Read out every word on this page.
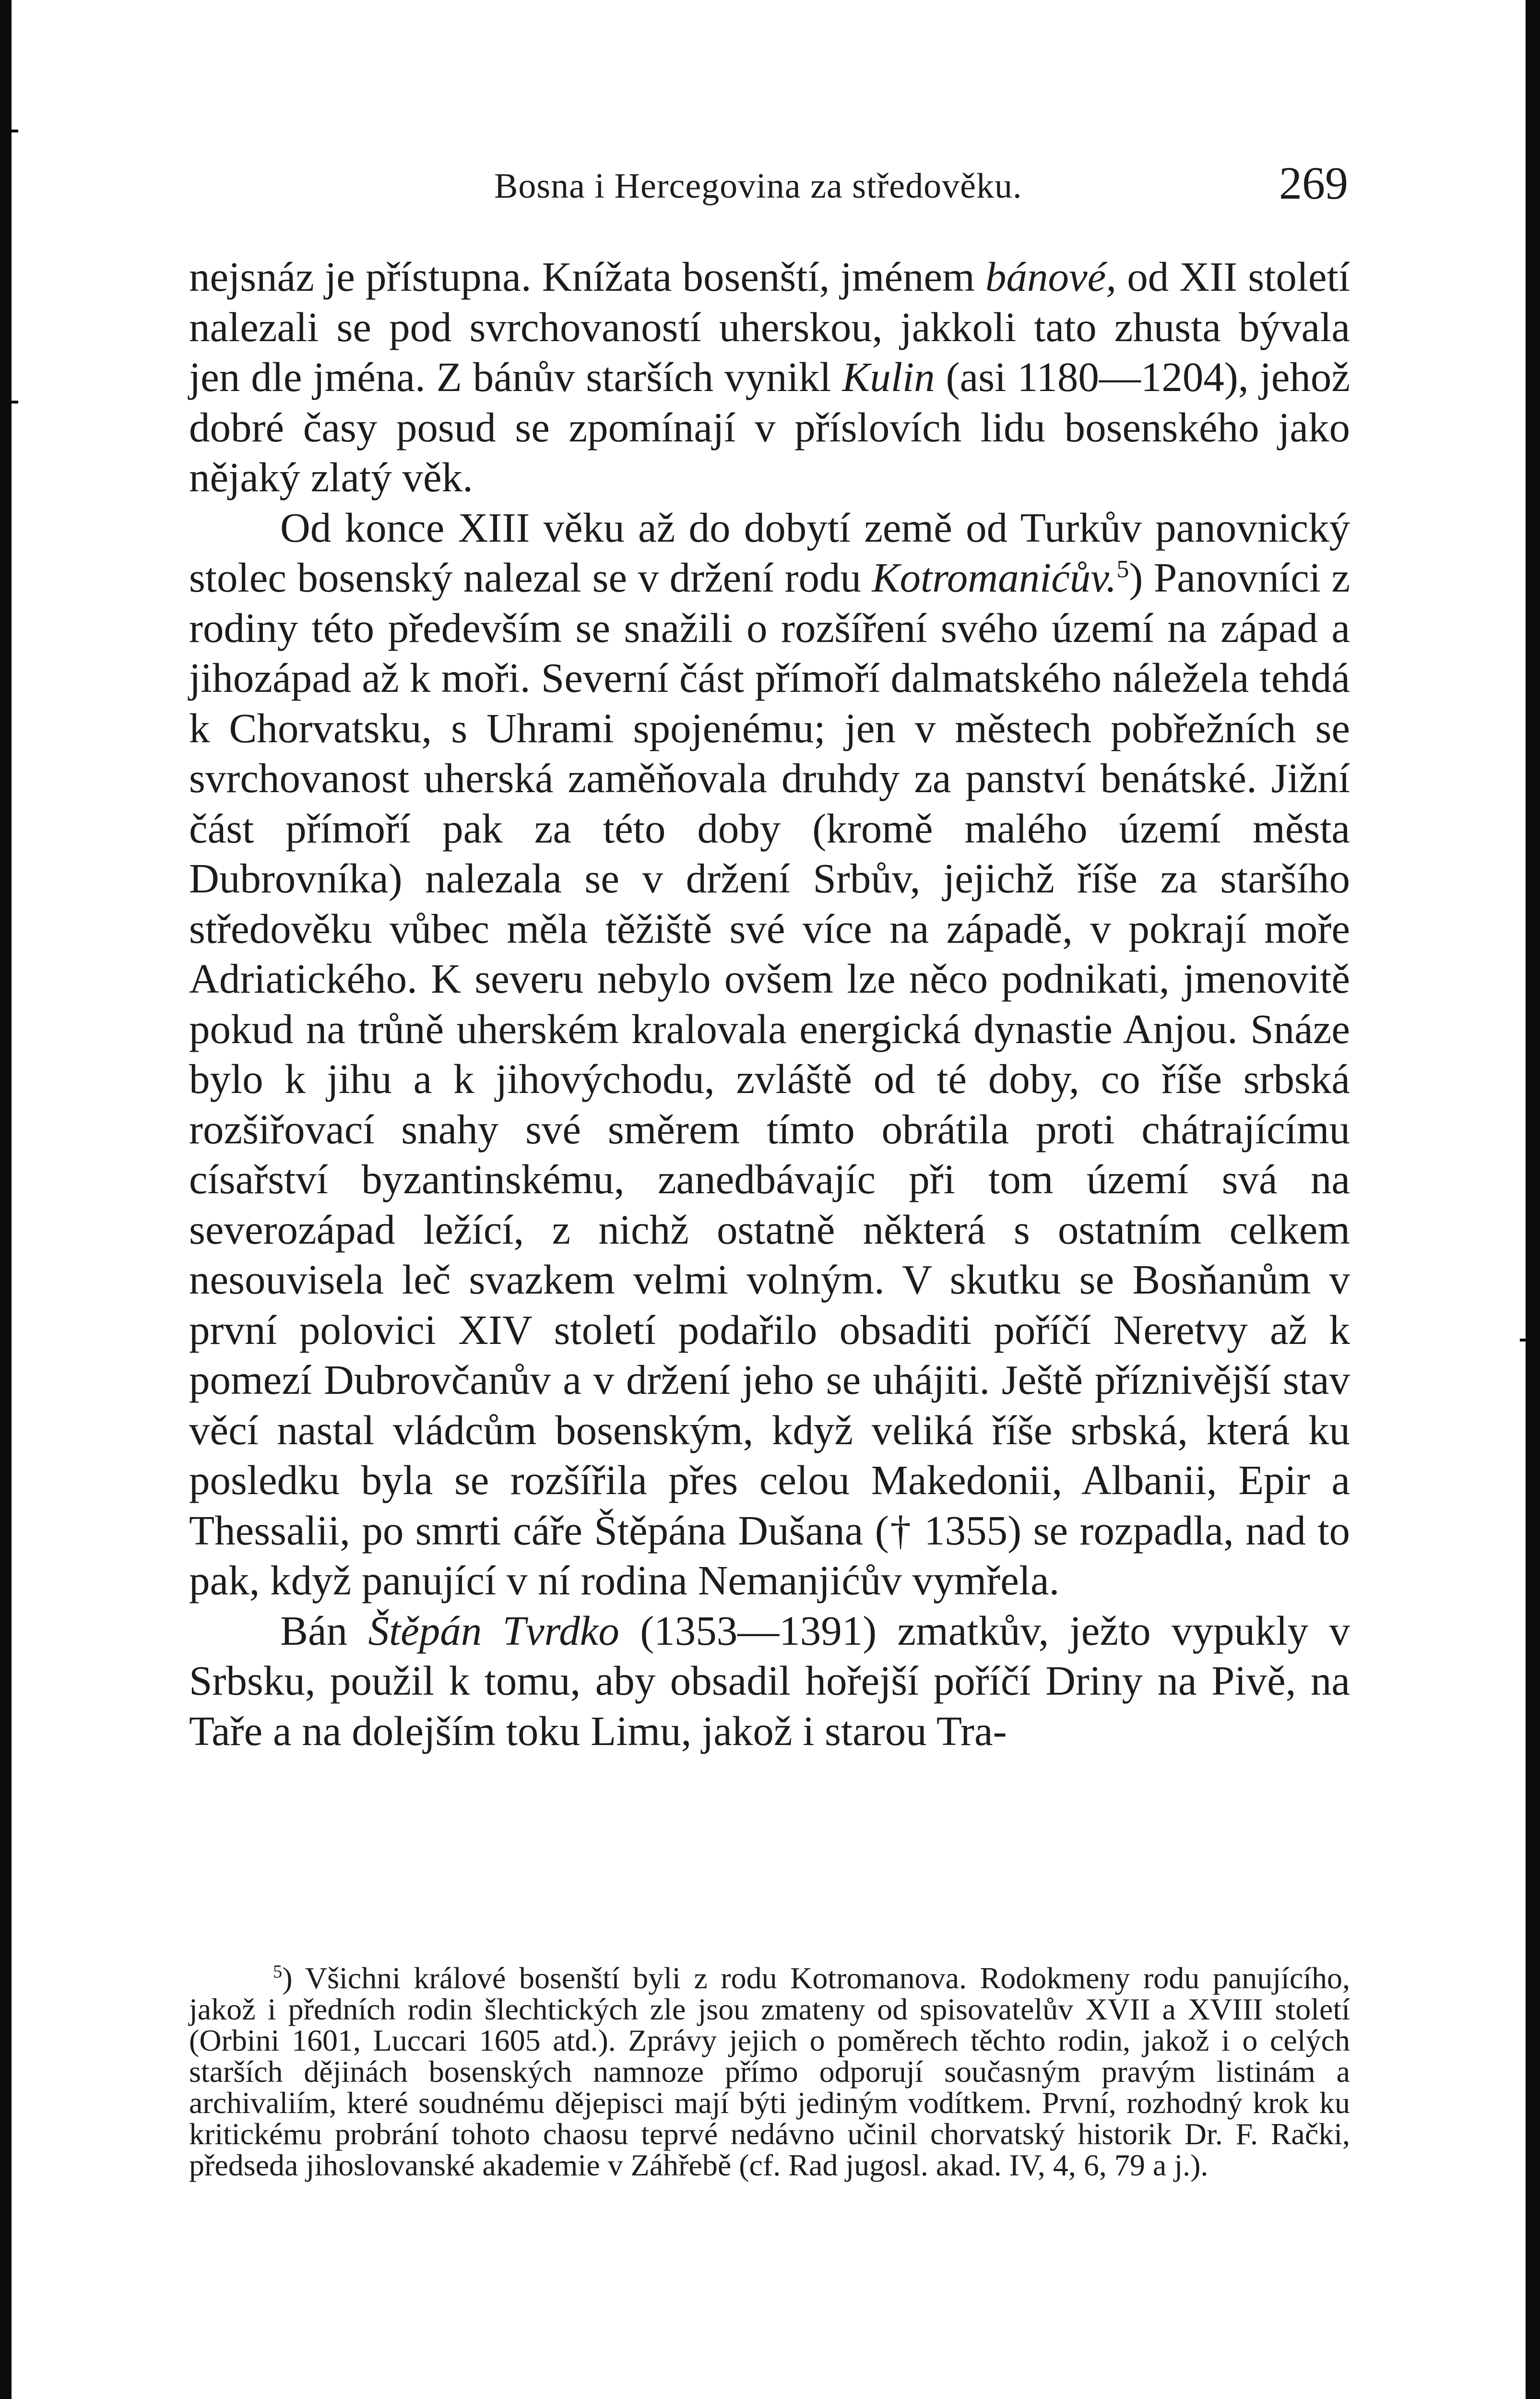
Bosna i Hercegovina za středověku.	269

nejsnáz je přístupna. Knížata bosenští, jménem bánové, od XII století nalezali se pod svrchovaností uherskou, jakkoli tato zhusta bývala jen dle jména. Z bánův starších vynikl Kulin (asi 1180—1204), jehož dobré časy posud se zpomínají v příslovích lidu bosenského jako nějaký zlatý věk.

Od konce XIII věku až do dobytí země od Turkův panovnický stolec bosenský nalezal se v držení rodu Kotromanićův.$^5$) Panovníci z rodiny této především se snažili o rozšíření svého území na západ a jihozápad až k moři. Severní část přímoří dalmatského náležela tehdá k Chorvatsku, s Uhrami spojenému; jen v městech pobřežních se svrchovanost uherská zaměňovala druhdy za panství benátské. Jižní část přímoří pak za této doby (kromě malého území města Dubrovníka) nalezala se v držení Srbův, jejichž říše za staršího středověku vůbec měla těžiště své více na západě, v pokrají moře Adriatického. K severu nebylo ovšem lze něco podnikati, jmenovitě pokud na trůně uherském kralovala energická dynastie Anjou. Snáze bylo k jihu a k jihovýchodu, zvláště od té doby, co říše srbská rozšiřovací snahy své směrem tímto obrátila proti chátrajícímu císařství byzantinskému, zanedbávajíc při tom území svá na severozápad ležící, z nichž ostatně některá s ostatním celkem nesouvisela leč svazkem velmi volným. V skutku se Bosňanům v první polovici XIV století podařilo obsaditi poříčí Neretvy až k pomezí Dubrovčanův a v držení jeho se uhájiti. Ještě příznivější stav věcí nastal vládcům bosenským, když veliká říše srbská, která ku posledku byla se rozšířila přes celou Makedonii, Albanii, Epir a Thessalii, po smrti cáře Štěpána Dušana († 1355) se rozpadla, nad to pak, když panující v ní rodina Nemanjićův vymřela.

Bán Štěpán Tvrdko (1353—1391) zmatkův, ježto vypukly v Srbsku, použil k tomu, aby obsadil hořejší poříčí Driny na Pivě, na Taře a na dolejším toku Limu, jakož i starou Tra-

$^5$) Všichni králové bosenští byli z rodu Kotromanova. Rodokmeny rodu panujícího, jakož i předních rodin šlechtických zle jsou zmateny od spisovatelův XVII a XVIII století (Orbini 1601, Luccari 1605 atd.). Zprávy jejich o poměrech těchto rodin, jakož i o celých starších dějinách bosenských namnoze přímo odporují současným pravým listinám a archivaliím, které soudnému dějepisci mají býti jediným vodítkem. První, rozhodný krok ku kritickému probrání tohoto chaosu teprvé nedávno učinil chorvatský historik Dr. F. Rački, předseda jihoslovanské akademie v Záhřebě (cf. Rad jugosl. akad. IV, 4, 6, 79 a j.).
